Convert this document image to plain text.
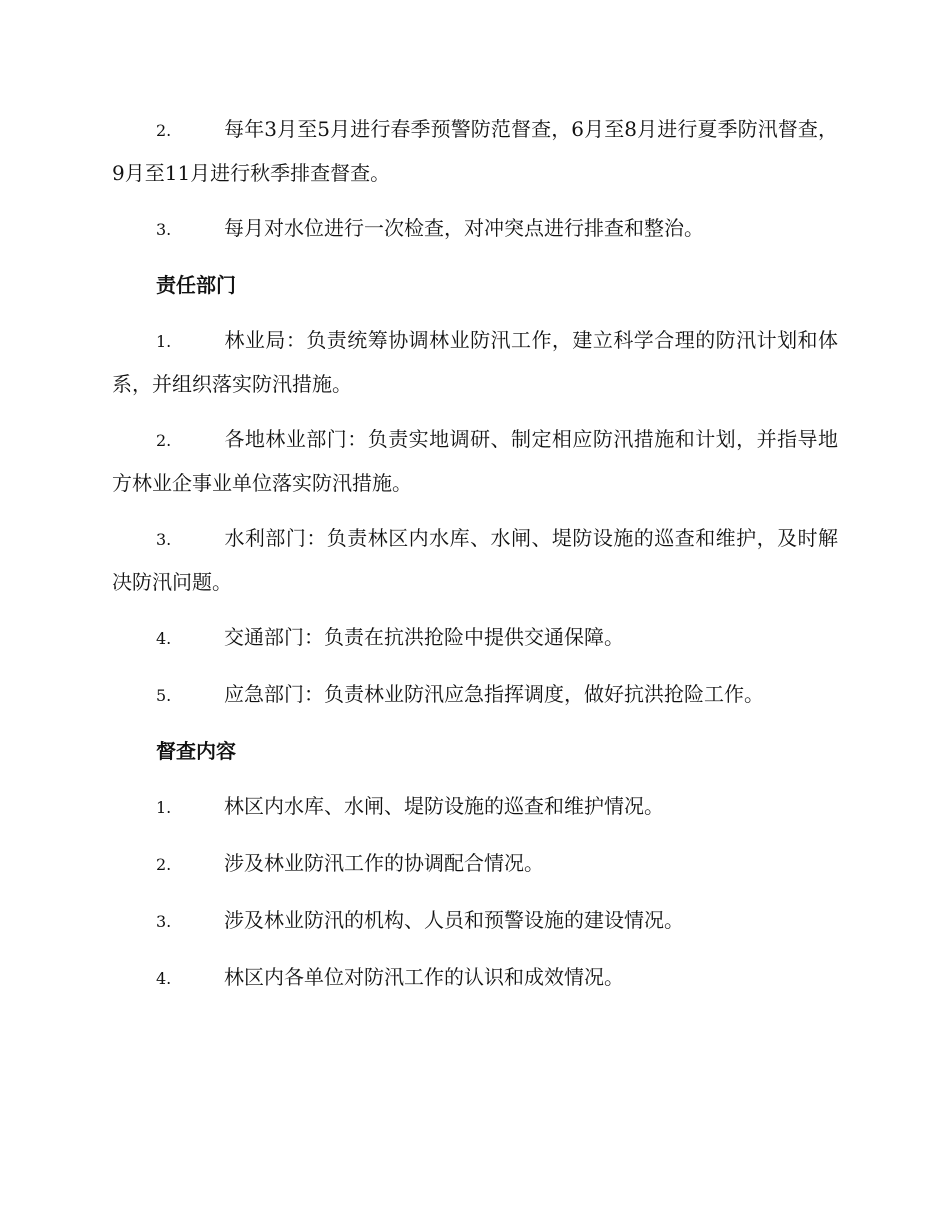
2.	每年3月至5月进行春季预警防范督查，6月至8月进行夏季防汛督查，9月至11月进行秋季排查督查。

3.	每月对水位进行一次检查，对冲突点进行排查和整治。

责任部门

1.	林业局：负责统筹协调林业防汛工作，建立科学合理的防汛计划和体系，并组织落实防汛措施。

2.	各地林业部门：负责实地调研、制定相应防汛措施和计划，并指导地方林业企事业单位落实防汛措施。

3.	水利部门：负责林区内水库、水闸、堤防设施的巡查和维护，及时解决防汛问题。

4.	交通部门：负责在抗洪抢险中提供交通保障。

5.	应急部门：负责林业防汛应急指挥调度，做好抗洪抢险工作。

督查内容

1.	林区内水库、水闸、堤防设施的巡查和维护情况。

2.	涉及林业防汛工作的协调配合情况。

3.	涉及林业防汛的机构、人员和预警设施的建设情况。

4.	林区内各单位对防汛工作的认识和成效情况。
